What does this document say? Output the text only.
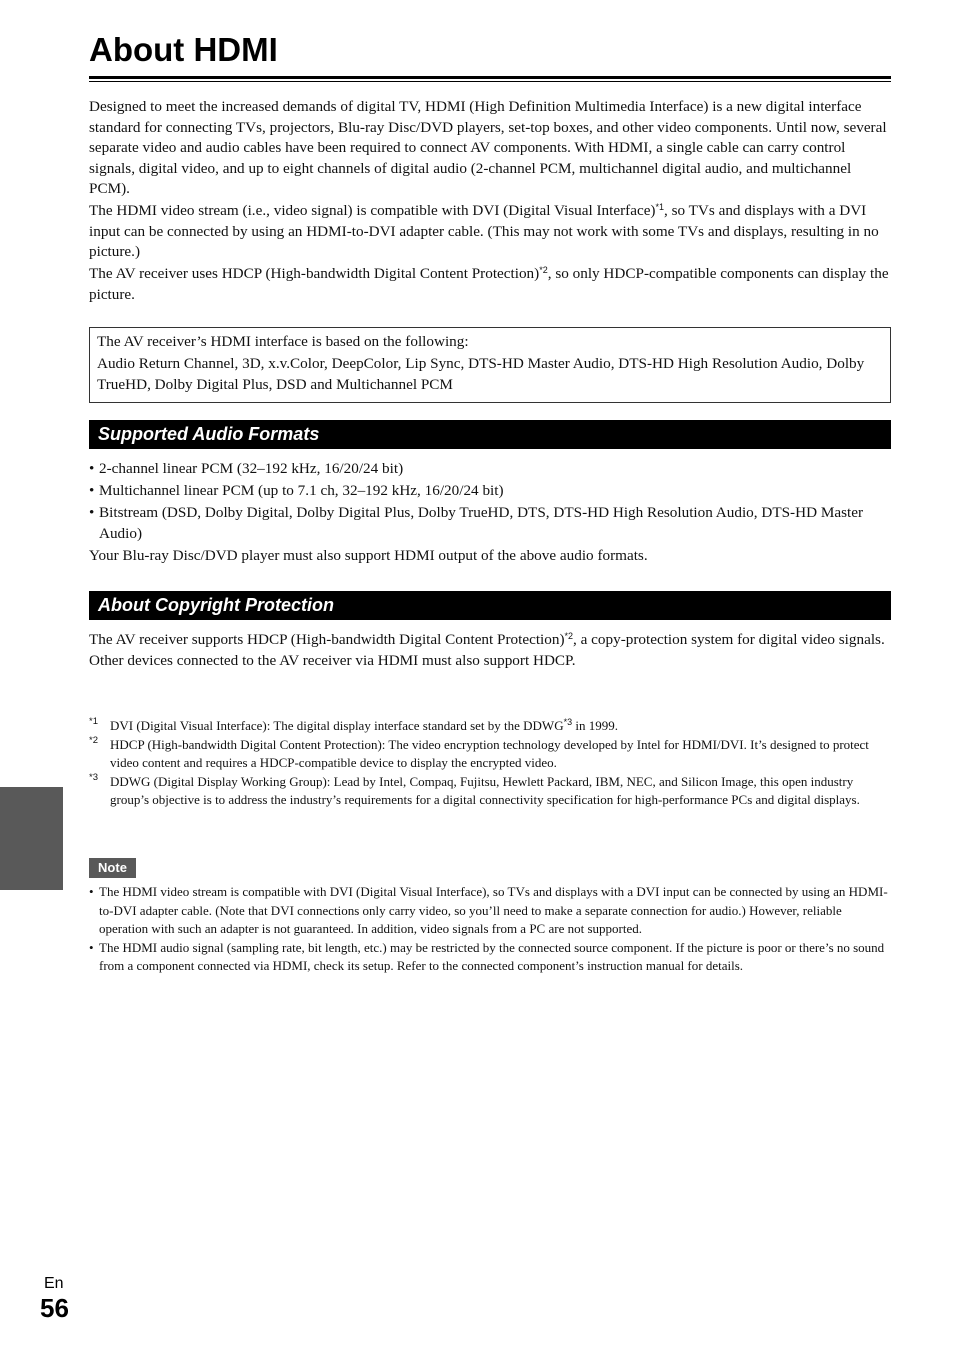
About HDMI

Designed to meet the increased demands of digital TV, HDMI (High Definition Multimedia Interface) is a new digital interface standard for connecting TVs, projectors, Blu-ray Disc/DVD players, set-top boxes, and other video components. Until now, several separate video and audio cables have been required to connect AV components. With HDMI, a single cable can carry control signals, digital video, and up to eight channels of digital audio (2-channel PCM, multichannel digital audio, and multichannel PCM).

The HDMI video stream (i.e., video signal) is compatible with DVI (Digital Visual Interface)$^{*1}$, so TVs and displays with a DVI input can be connected by using an HDMI-to-DVI adapter cable. (This may not work with some TVs and displays, resulting in no picture.)

The AV receiver uses HDCP (High-bandwidth Digital Content Protection)$^{*2}$, so only HDCP-compatible components can display the picture.

The AV receiver’s HDMI interface is based on the following:
Audio Return Channel, 3D, x.v.Color, DeepColor, Lip Sync, DTS-HD Master Audio, DTS-HD High Resolution Audio, Dolby TrueHD, Dolby Digital Plus, DSD and Multichannel PCM
Supported Audio Formats
• 2-channel linear PCM (32–192 kHz, 16/20/24 bit)
• Multichannel linear PCM (up to 7.1 ch, 32–192 kHz, 16/20/24 bit)
• Bitstream (DSD, Dolby Digital, Dolby Digital Plus, Dolby TrueHD, DTS, DTS-HD High Resolution Audio, DTS-HD Master Audio)

Your Blu-ray Disc/DVD player must also support HDMI output of the above audio formats.

About Copyright Protection

The AV receiver supports HDCP (High-bandwidth Digital Content Protection)$^{*2}$, a copy-protection system for digital video signals. Other devices connected to the AV receiver via HDMI must also support HDCP.

*1 DVI (Digital Visual Interface): The digital display interface standard set by the DDWG$^{*3}$ in 1999.
*2 HDCP (High-bandwidth Digital Content Protection): The video encryption technology developed by Intel for HDMI/DVI. It’s designed to protect video content and requires a HDCP-compatible device to display the encrypted video.
*3 DDWG (Digital Display Working Group): Lead by Intel, Compaq, Fujitsu, Hewlett Packard, IBM, NEC, and Silicon Image, this open industry group’s objective is to address the industry’s requirements for a digital connectivity specification for high-performance PCs and digital displays.
Note
• The HDMI video stream is compatible with DVI (Digital Visual Interface), so TVs and displays with a DVI input can be connected by using an HDMI-to-DVI adapter cable. (Note that DVI connections only carry video, so you’ll need to make a separate connection for audio.) However, reliable operation with such an adapter is not guaranteed. In addition, video signals from a PC are not supported.
• The HDMI audio signal (sampling rate, bit length, etc.) may be restricted by the connected source component. If the picture is poor or there’s no sound from a component connected via HDMI, check its setup. Refer to the connected component’s instruction manual for details.
En
56
